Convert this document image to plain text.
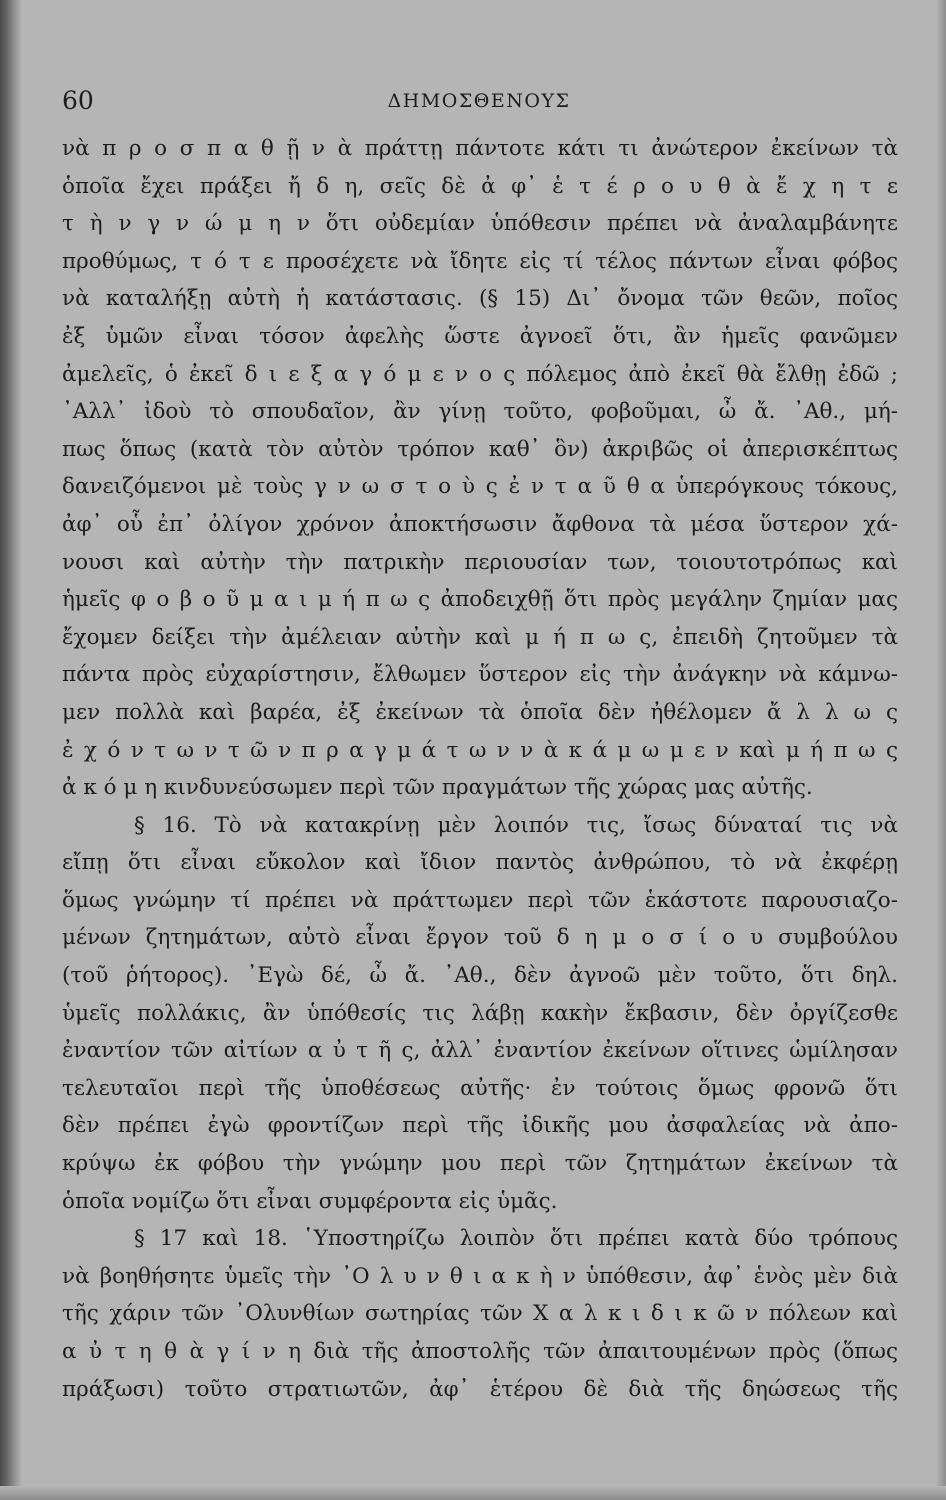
60	ΔΗΜΟΣΘΕΝΟΥΣ
νὰ π ρ ο σ π α θ ῇ ν ὰ πράττῃ πάντοτε κάτι τι ἀνώτερον ἐκείνων τὰ
ὁποῖα ἔχει πράξει ἤ δ η, σεῖς δὲ ἀ φ᾿ ἑ τ έ ρ ο υ θ ὰ ἔ χ η τ ε
τ ὴ ν γ ν ώ μ η ν ὅτι οὐδεμίαν ὑπόθεσιν πρέπει νὰ ἀναλαμβάνητε
προθύμως, τ ό τ ε προσέχετε νὰ ἴδητε εἰς τί τέλος πάντων εἶναι φόβος
νὰ καταλήξῃ αὐτὴ ἡ κατάστασις. (§ 15) Δι᾿ ὄνομα τῶν θεῶν, ποῖος
ἐξ ὑμῶν εἶναι τόσον ἀφελὴς ὥστε ἀγνοεῖ ὅτι, ἂν ἡμεῖς φανῶμεν
ἀμελεῖς, ὁ ἐκεῖ δ ι ε ξ α γ ό μ ε ν ο ς πόλεμος ἀπὸ ἐκεῖ θὰ ἔλθῃ ἐδῶ ;
᾿Αλλ᾿ ἰδοὺ τὸ σπουδαῖον, ἂν γίνῃ τοῦτο, φοβοῦμαι, ὦ ἄ. ᾿Αθ., μή-
πως ὅπως (κατὰ τὸν αὐτὸν τρόπον καθ᾿ ὃν) ἀκριβῶς οἱ ἀπερισκέπτως
δανειζόμενοι μὲ τοὺς γ ν ω σ τ ο ὺ ς ἐ ν τ α ῦ θ α ὑπερόγκους τόκους,
ἀφ᾿ οὗ ἐπ᾿ ὀλίγον χρόνον ἀποκτήσωσιν ἄφθονα τὰ μέσα ὕστερον χά-
νουσι καὶ αὐτὴν τὴν πατρικὴν περιουσίαν των, τοιουτοτρόπως καὶ
ἡμεῖς φ ο β ο ῦ μ α ι μ ή π ω ς ἀποδειχθῇ ὅτι πρὸς μεγάλην ζημίαν μας
ἔχομεν δείξει τὴν ἀμέλειαν αὐτὴν καὶ μ ή π ω ς, ἐπειδὴ ζητοῦμεν τὰ
πάντα πρὸς εὐχαρίστησιν, ἔλθωμεν ὕστερον εἰς τὴν ἀνάγκην νὰ κάμνω-
μεν πολλὰ καὶ βαρέα, ἐξ ἐκείνων τὰ ὁποῖα δὲν ἠθέλομεν ἄ λ λ ω ς
ἐ χ ό ν τ ω ν τ ῶ ν π ρ α γ μ ά τ ω ν ν ὰ κ ά μ ω μ ε ν καὶ μ ή π ω ς
ἀ κ ό μ η κινδυνεύσωμεν περὶ τῶν πραγμάτων τῆς χώρας μας αὐτῆς.
§ 16. Τὸ νὰ κατακρίνῃ μὲν λοιπόν τις, ἴσως δύναταί τις νὰ
εἴπῃ ὅτι εἶναι εὔκολον καὶ ἴδιον παντὸς ἀνθρώπου, τὸ νὰ ἐκφέρῃ
ὅμως γνώμην τί πρέπει νὰ πράττωμεν περὶ τῶν ἑκάστοτε παρουσιαζο-
μένων ζητημάτων, αὐτὸ εἶναι ἔργον τοῦ δ η μ ο σ ί ο υ συμβούλου
(τοῦ ῥήτορος). ᾿Εγὼ δέ, ὦ ἄ. ᾿Αθ., δὲν ἀγνοῶ μὲν τοῦτο, ὅτι δηλ.
ὑμεῖς πολλάκις, ἂν ὑπόθεσίς τις λάβῃ κακὴν ἔκβασιν, δὲν ὀργίζεσθε
ἐναντίον τῶν αἰτίων α ὐ τ ῆ ς, ἀλλ᾿ ἐναντίον ἐκείνων οἵτινες ὡμίλησαν
τελευταῖοι περὶ τῆς ὑποθέσεως αὐτῆς· ἐν τούτοις ὅμως φρονῶ ὅτι
δὲν πρέπει ἐγὼ φροντίζων περὶ τῆς ἰδικῆς μου ἀσφαλείας νὰ ἀπο-
κρύψω ἐκ φόβου τὴν γνώμην μου περὶ τῶν ζητημάτων ἐκείνων τὰ
ὁποῖα νομίζω ὅτι εἶναι συμφέροντα εἰς ὑμᾶς.
§ 17 καὶ 18. ῾Υποστηρίζω λοιπὸν ὅτι πρέπει κατὰ δύο τρόπους
νὰ βοηθήσητε ὑμεῖς τὴν ᾿Ο λ υ ν θ ι α κ ὴ ν ὑπόθεσιν, ἀφ᾿ ἑνὸς μὲν διὰ
τῆς χάριν τῶν ᾿Ολυνθίων σωτηρίας τῶν Χ α λ κ ι δ ι κ ῶ ν πόλεων καὶ
α ὐ τ η θ ὰ γ ί ν η διὰ τῆς ἀποστολῆς τῶν ἀπαιτουμένων πρὸς (ὅπως
πράξωσι) τοῦτο στρατιωτῶν, ἀφ᾿ ἑτέρου δὲ διὰ τῆς δηώσεως τῆς
